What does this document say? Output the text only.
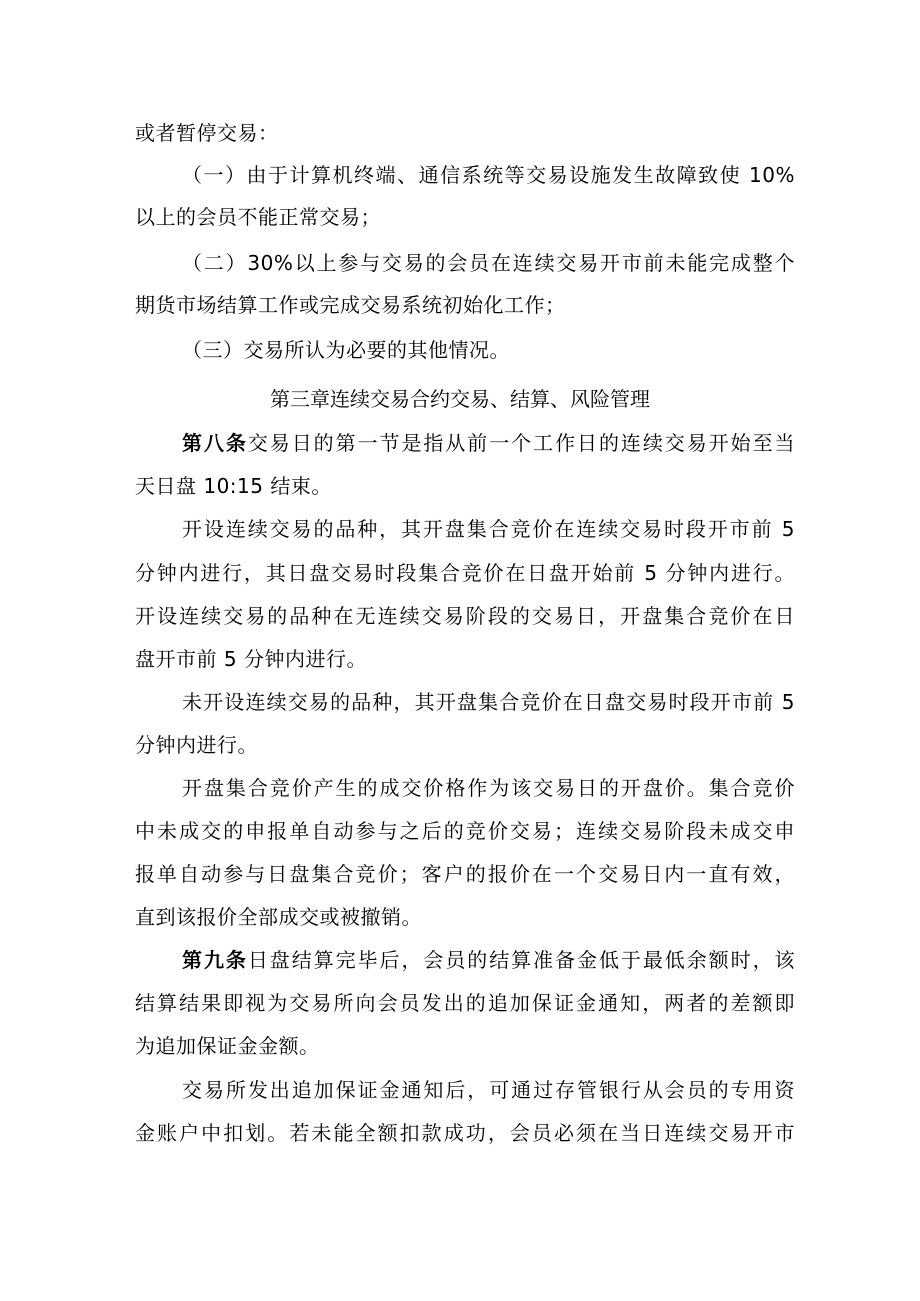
或者暂停交易：
（一）由于计算机终端、通信系统等交易设施发生故障致使 10%
以上的会员不能正常交易；
（二）30%以上参与交易的会员在连续交易开市前未能完成整个
期货市场结算工作或完成交易系统初始化工作；
（三）交易所认为必要的其他情况。
第三章连续交易合约交易、结算、风险管理
第八条交易日的第一节是指从前一个工作日的连续交易开始至当
天日盘 10:15 结束。
开设连续交易的品种，其开盘集合竞价在连续交易时段开市前 5
分钟内进行，其日盘交易时段集合竞价在日盘开始前 5 分钟内进行。
开设连续交易的品种在无连续交易阶段的交易日，开盘集合竞价在日
盘开市前 5 分钟内进行。
未开设连续交易的品种，其开盘集合竞价在日盘交易时段开市前 5
分钟内进行。
开盘集合竞价产生的成交价格作为该交易日的开盘价。集合竞价
中未成交的申报单自动参与之后的竞价交易；连续交易阶段未成交申
报单自动参与日盘集合竞价；客户的报价在一个交易日内一直有效，
直到该报价全部成交或被撤销。
第九条日盘结算完毕后，会员的结算准备金低于最低余额时，该
结算结果即视为交易所向会员发出的追加保证金通知，两者的差额即
为追加保证金金额。
交易所发出追加保证金通知后，可通过存管银行从会员的专用资
金账户中扣划。若未能全额扣款成功，会员必须在当日连续交易开市
